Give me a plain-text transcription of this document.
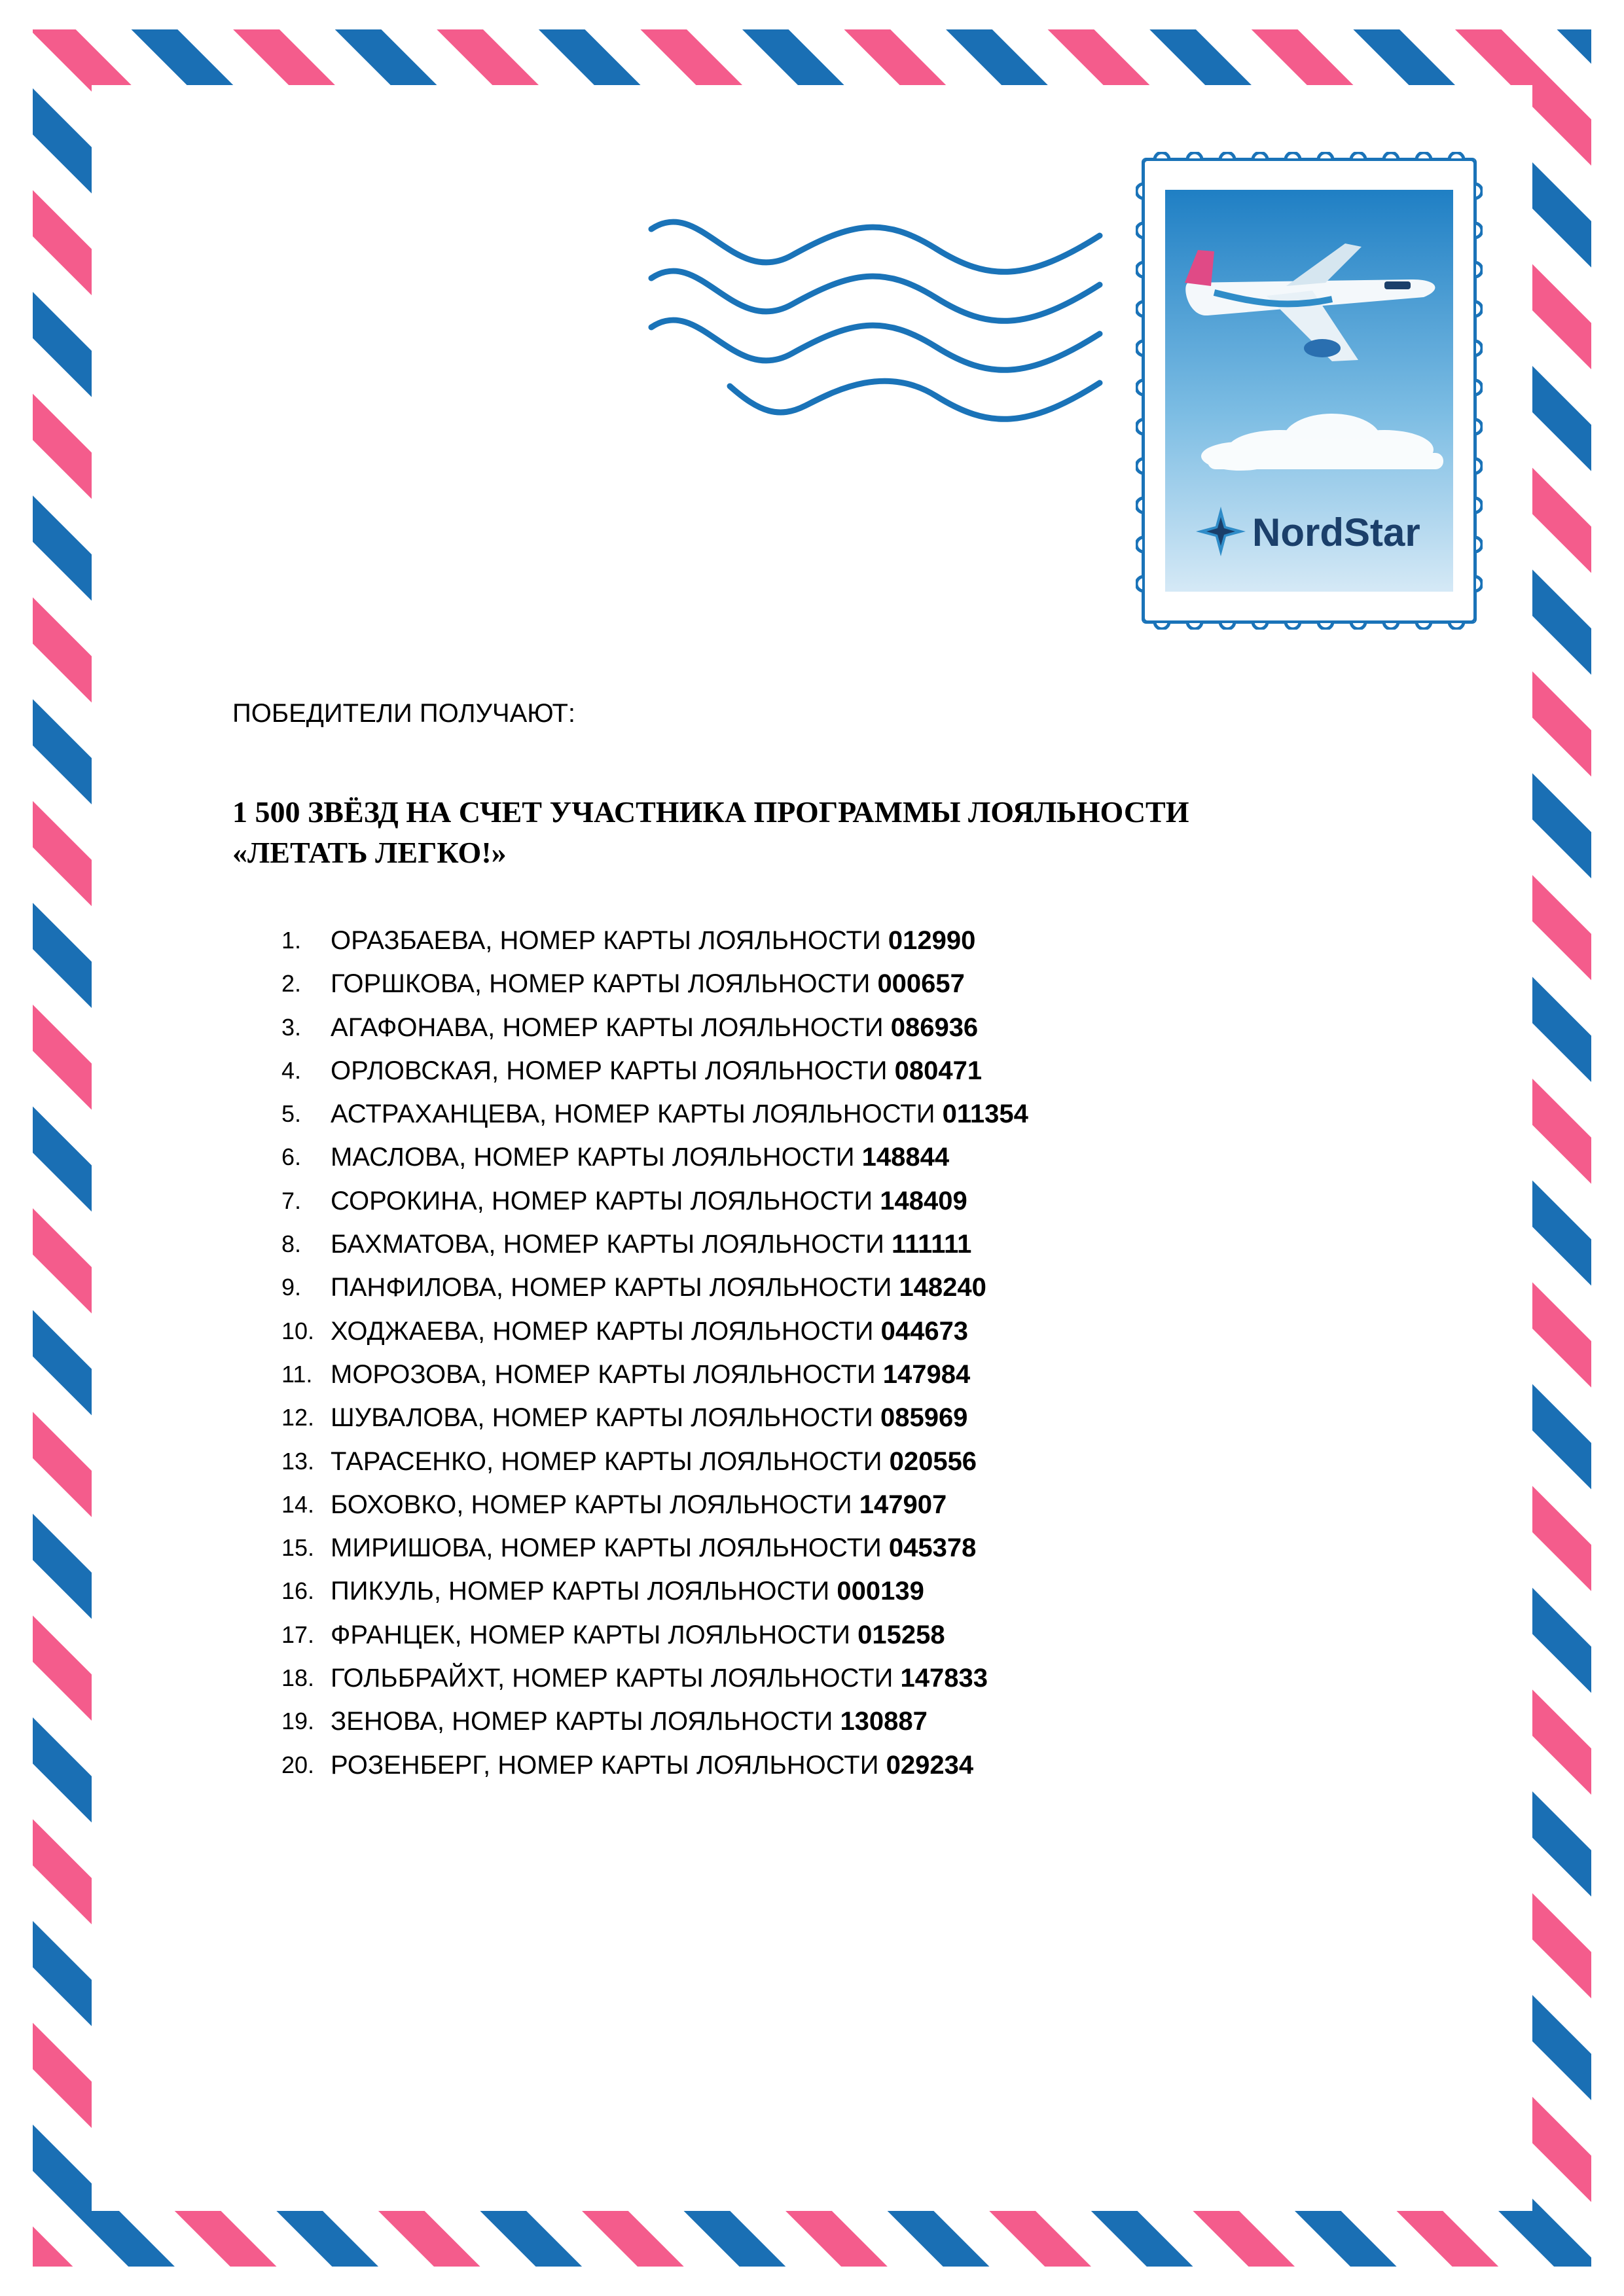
NordStar

ПОБЕДИТЕЛИ ПОЛУЧАЮТ:

1 500 ЗВЁЗД НА СЧЕТ УЧАСТНИКА ПРОГРАММЫ ЛОЯЛЬНОСТИ
«ЛЕТАТЬ ЛЕГКО!»
1.	ОРАЗБАЕВА, НОМЕР КАРТЫ ЛОЯЛЬНОСТИ 012990
2.	ГОРШКОВА, НОМЕР КАРТЫ ЛОЯЛЬНОСТИ 000657
3.	АГАФОНАВА, НОМЕР КАРТЫ ЛОЯЛЬНОСТИ 086936
4.	ОРЛОВСКАЯ, НОМЕР КАРТЫ ЛОЯЛЬНОСТИ 080471
5.	АСТРАХАНЦЕВА, НОМЕР КАРТЫ ЛОЯЛЬНОСТИ 011354
6.	МАСЛОВА, НОМЕР КАРТЫ ЛОЯЛЬНОСТИ 148844
7.	СОРОКИНА, НОМЕР КАРТЫ ЛОЯЛЬНОСТИ 148409
8.	БАХМАТОВА, НОМЕР КАРТЫ ЛОЯЛЬНОСТИ 111111
9.	ПАНФИЛОВА, НОМЕР КАРТЫ ЛОЯЛЬНОСТИ 148240
10. ХОДЖАЕВА, НОМЕР КАРТЫ ЛОЯЛЬНОСТИ 044673
11. МОРОЗОВА, НОМЕР КАРТЫ ЛОЯЛЬНОСТИ 147984
12. ШУВАЛОВА, НОМЕР КАРТЫ ЛОЯЛЬНОСТИ 085969
13. ТАРАСЕНКО, НОМЕР КАРТЫ ЛОЯЛЬНОСТИ 020556
14. БОХОВКО, НОМЕР КАРТЫ ЛОЯЛЬНОСТИ 147907
15. МИРИШОВА, НОМЕР КАРТЫ ЛОЯЛЬНОСТИ 045378
16. ПИКУЛЬ, НОМЕР КАРТЫ ЛОЯЛЬНОСТИ 000139
17. ФРАНЦЕК, НОМЕР КАРТЫ ЛОЯЛЬНОСТИ 015258
18. ГОЛЬБРАЙХТ, НОМЕР КАРТЫ ЛОЯЛЬНОСТИ 147833
19. ЗЕНОВА, НОМЕР КАРТЫ ЛОЯЛЬНОСТИ 130887
20. РОЗЕНБЕРГ, НОМЕР КАРТЫ ЛОЯЛЬНОСТИ 029234
